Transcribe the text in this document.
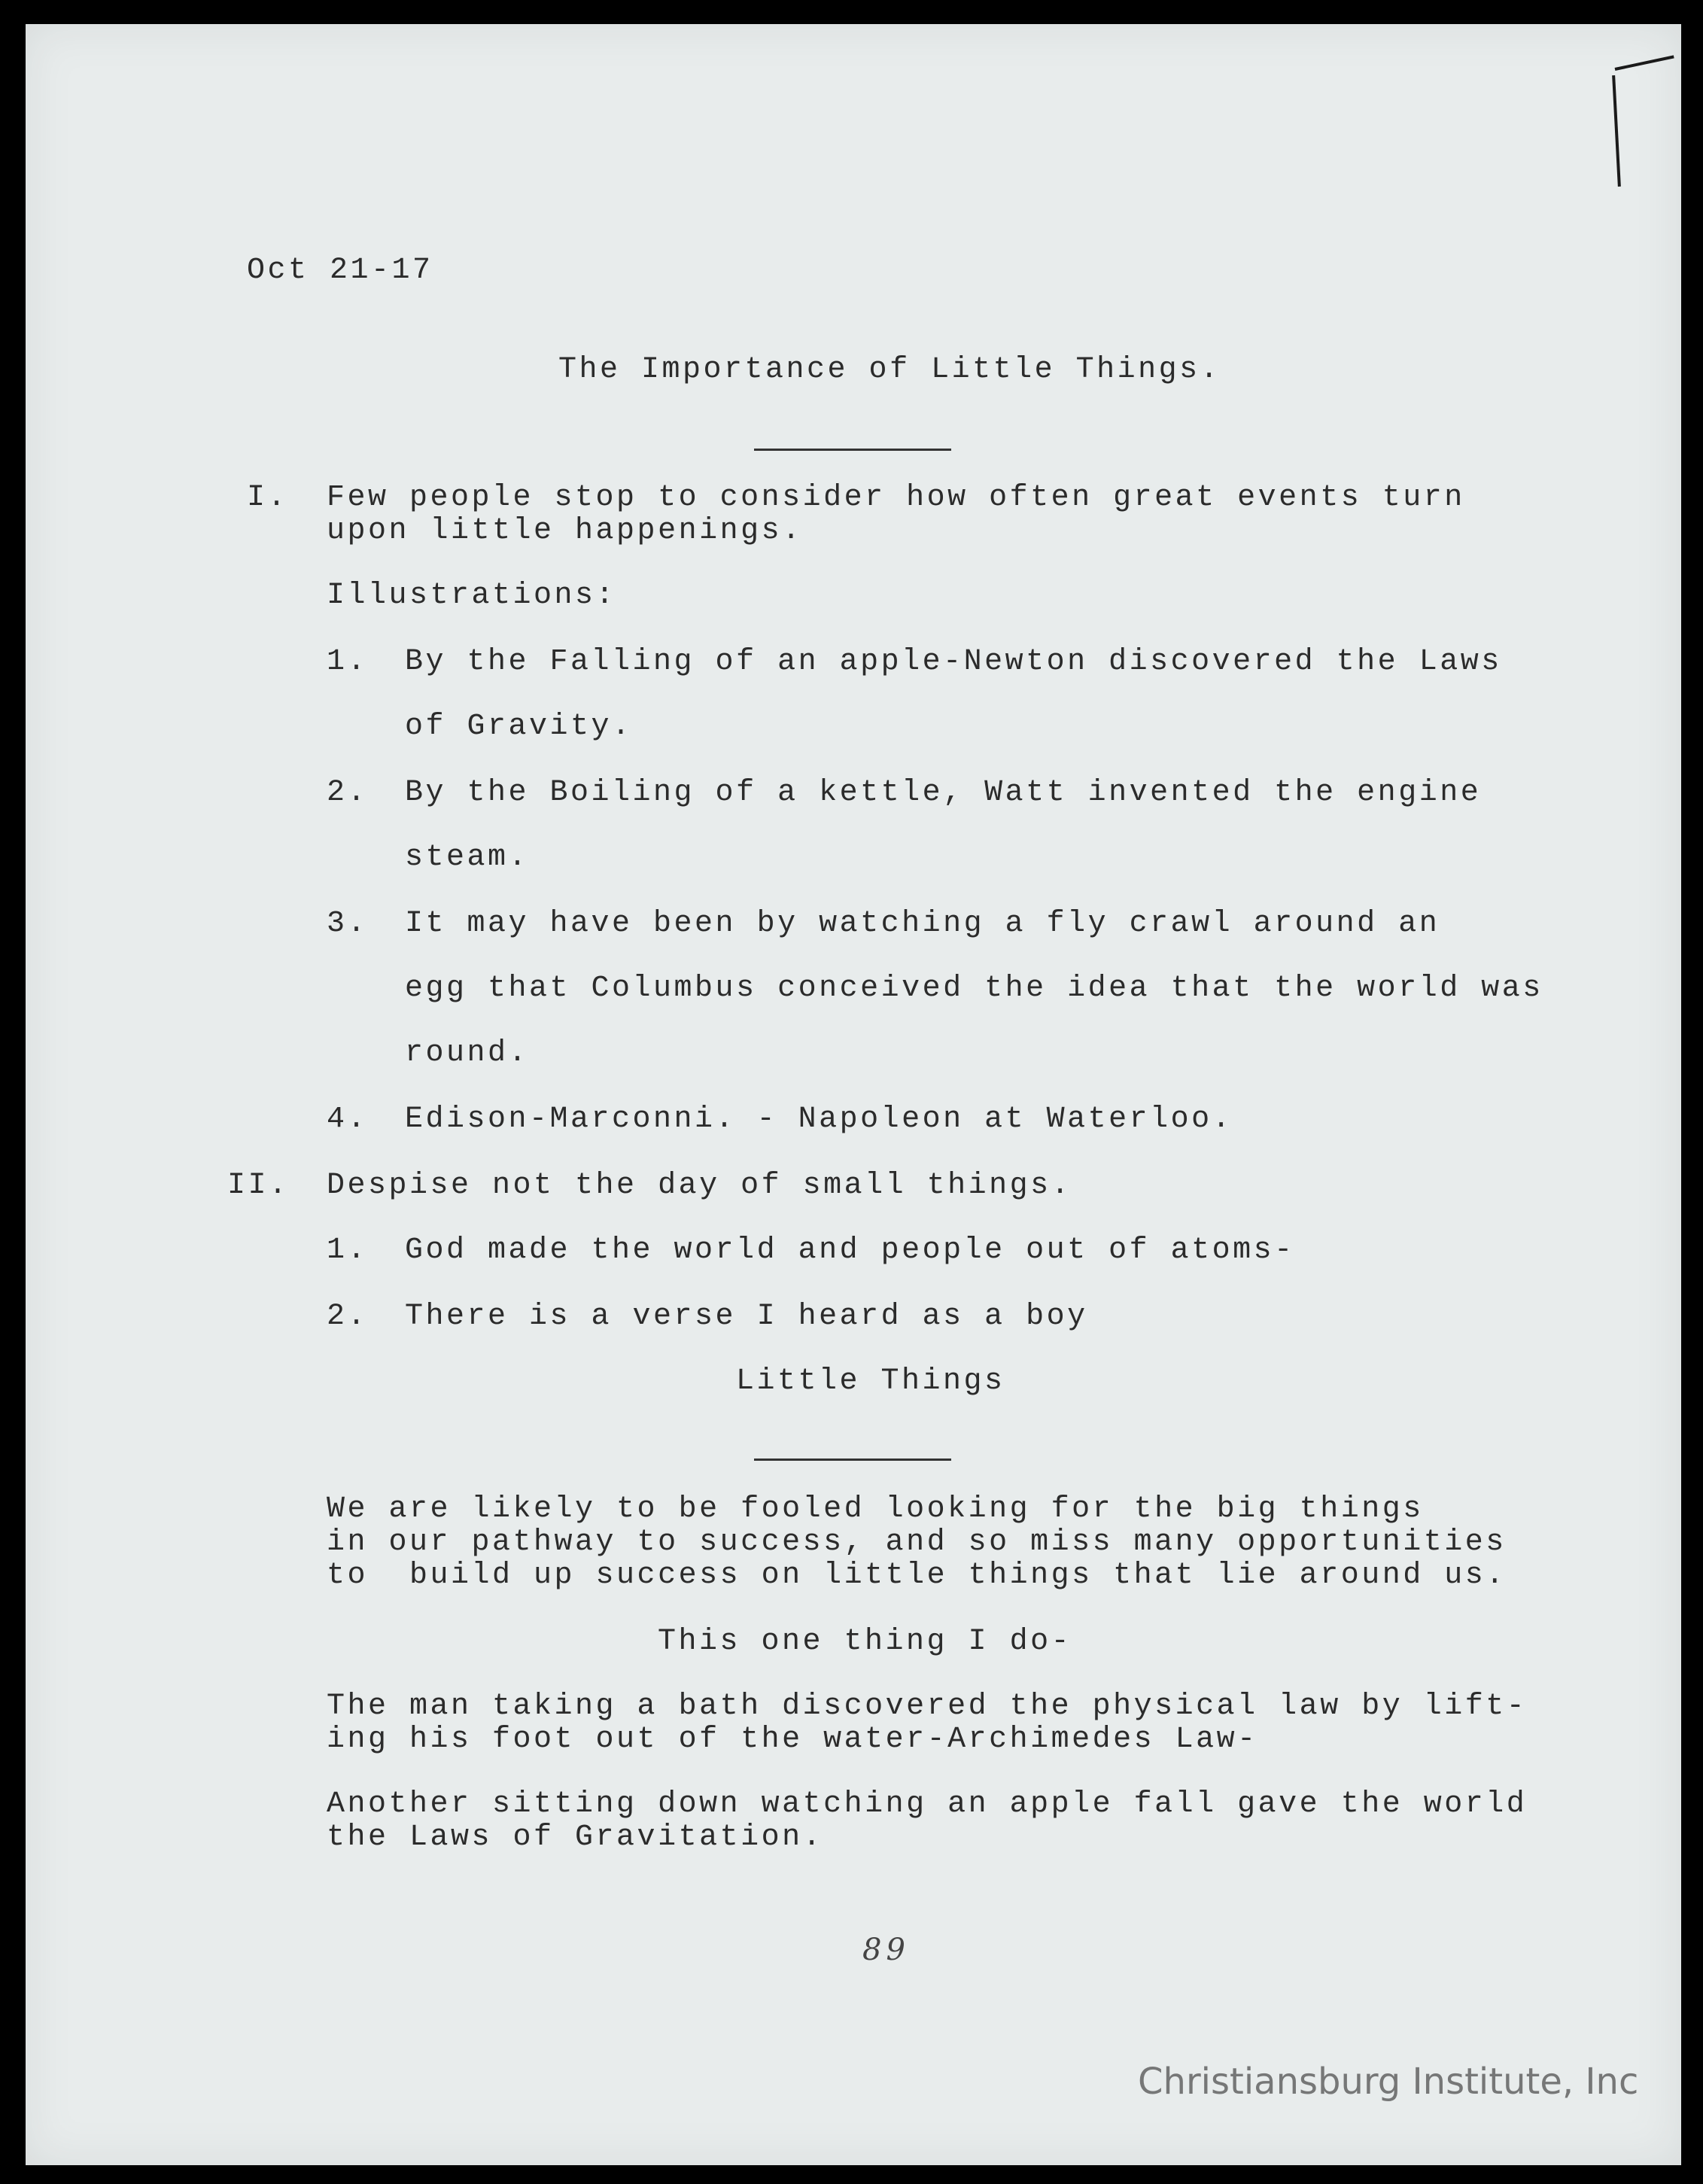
Oct 21-17
The Importance of Little Things.
I. Few people stop to consider how often great events turn
upon little happenings.
Illustrations:
1. By the Falling of an apple-Newton discovered the Laws
of Gravity.
2. By the Boiling of a kettle, Watt invented the engine
steam.
3. It may have been by watching a fly crawl around an
egg that Columbus conceived the idea that the world was
round.
4. Edison-Marconni. - Napoleon at Waterloo.
II. Despise not the day of small things.
1. God made the world and people out of atoms-
2. There is a verse I heard as a boy
Little Things
We are likely to be fooled looking for the big things
in our pathway to success, and so miss many opportunities
to  build up success on little things that lie around us.
This one thing I do-
The man taking a bath discovered the physical law by lift-
ing his foot out of the water-Archimedes Law-
Another sitting down watching an apple fall gave the world
the Laws of Gravitation.
89
Christiansburg Institute, Inc
